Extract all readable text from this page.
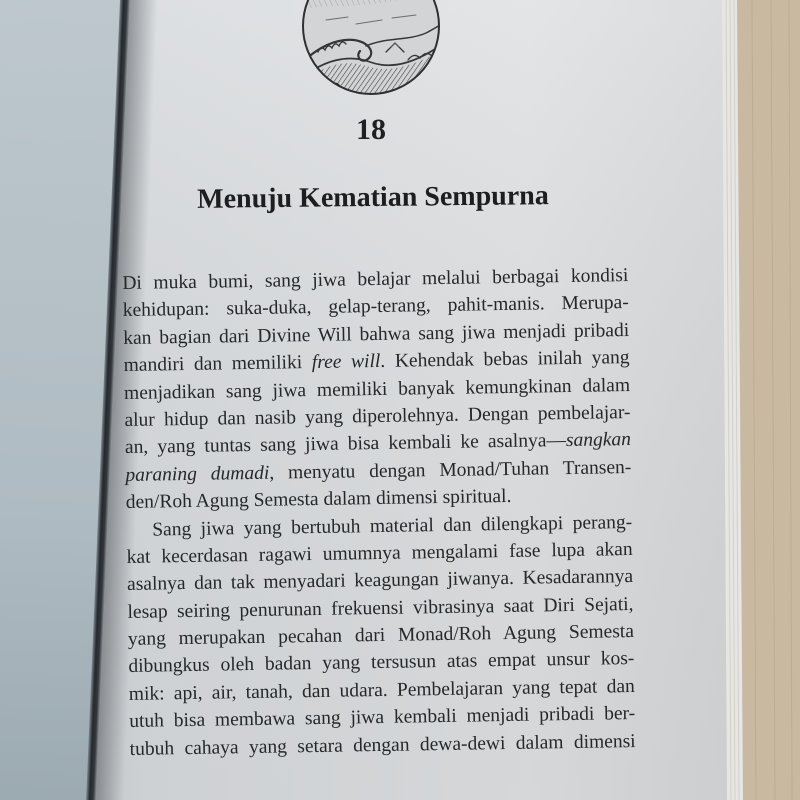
18
Menuju Kematian Sempurna
Di muka bumi, sang jiwa belajar melalui berbagai kondisi
kehidupan: suka-duka, gelap-terang, pahit-manis. Merupa-
kan bagian dari Divine Will bahwa sang jiwa menjadi pribadi
mandiri dan memiliki free will. Kehendak bebas inilah yang
menjadikan sang jiwa memiliki banyak kemungkinan dalam
alur hidup dan nasib yang diperolehnya. Dengan pembelajar-
an, yang tuntas sang jiwa bisa kembali ke asalnya—sangkan
paraning dumadi, menyatu dengan Monad/Tuhan Transen-
den/Roh Agung Semesta dalam dimensi spiritual.
Sang jiwa yang bertubuh material dan dilengkapi perang-
kat kecerdasan ragawi umumnya mengalami fase lupa akan
asalnya dan tak menyadari keagungan jiwanya. Kesadarannya
lesap seiring penurunan frekuensi vibrasinya saat Diri Sejati,
yang merupakan pecahan dari Monad/Roh Agung Semesta
dibungkus oleh badan yang tersusun atas empat unsur kos-
mik: api, air, tanah, dan udara. Pembelajaran yang tepat dan
utuh bisa membawa sang jiwa kembali menjadi pribadi ber-
tubuh cahaya yang setara dengan dewa-dewi dalam dimensi
